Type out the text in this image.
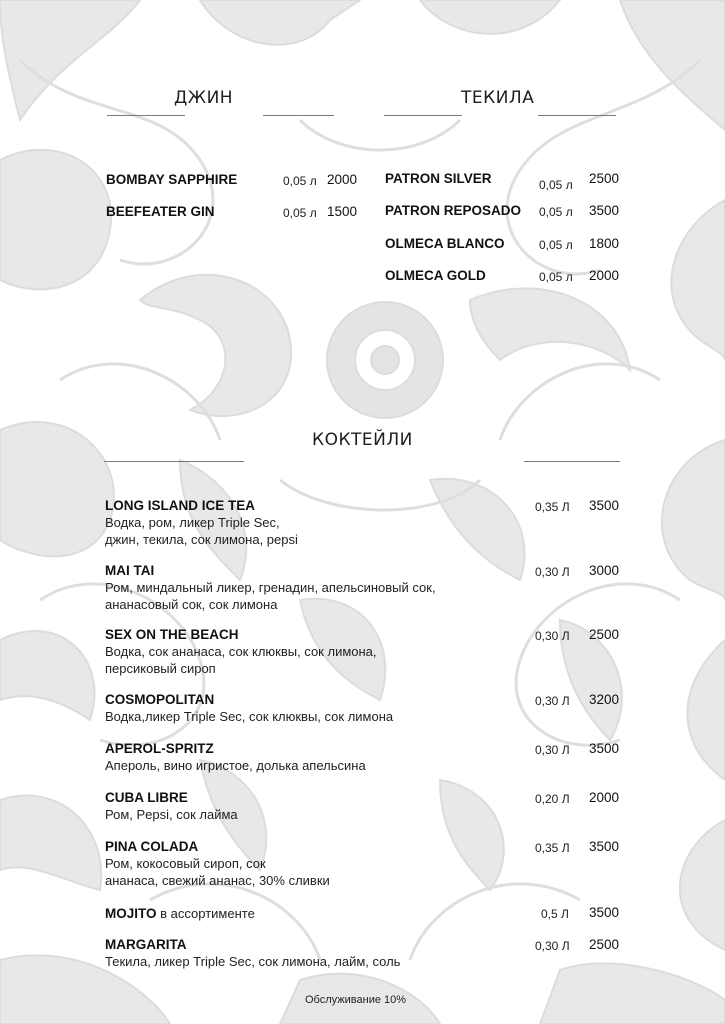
ДЖИН
BOMBAY SAPPHIRE	0,05 л 2000
BEEFEATER GIN	0,05 л 1500
ТЕКИЛА
PATRON SILVER	0,05 л 2500
PATRON REPOSADO 0,05 л 3500
OLMECA BLANCO	0,05 л 1800
OLMECA GOLD	0,05 л 2000
КОКТЕЙЛИ
LONG ISLAND ICE TEA
Водка, ром, ликер Triple Sec,
джин, текила, сок лимона, pepsi
0,35 Л 3500
MAI TAI
Ром, миндальный ликер, гренадин, апельсиновый сок,
ананасовый сок, сок лимона
0,30 Л 3000
SEX ON THE BEACH
Водка, сок ананаса, сок клюквы, сок лимона,
персиковый сироп
0,30 Л 2500
COSMOPOLITAN
Водка,ликер Triple Sec, сок клюквы, сок лимона
0,30 Л 3200
APEROL-SPRITZ
Апероль, вино игристое, долька апельсина
0,30 Л 3500
CUBA LIBRE
Ром, Pepsi, сок лайма
0,20 Л 2000
PINA COLADA
Ром, кокосовый сироп, сок
ананаса, свежий ананас, 30% сливки
0,35 Л 3500
MOJITO в ассортименте	0,5 Л 3500
MARGARITA
Текила, ликер Triple Sec, сок лимона, лайм, соль
0,30 Л 2500
Обслуживание 10%
